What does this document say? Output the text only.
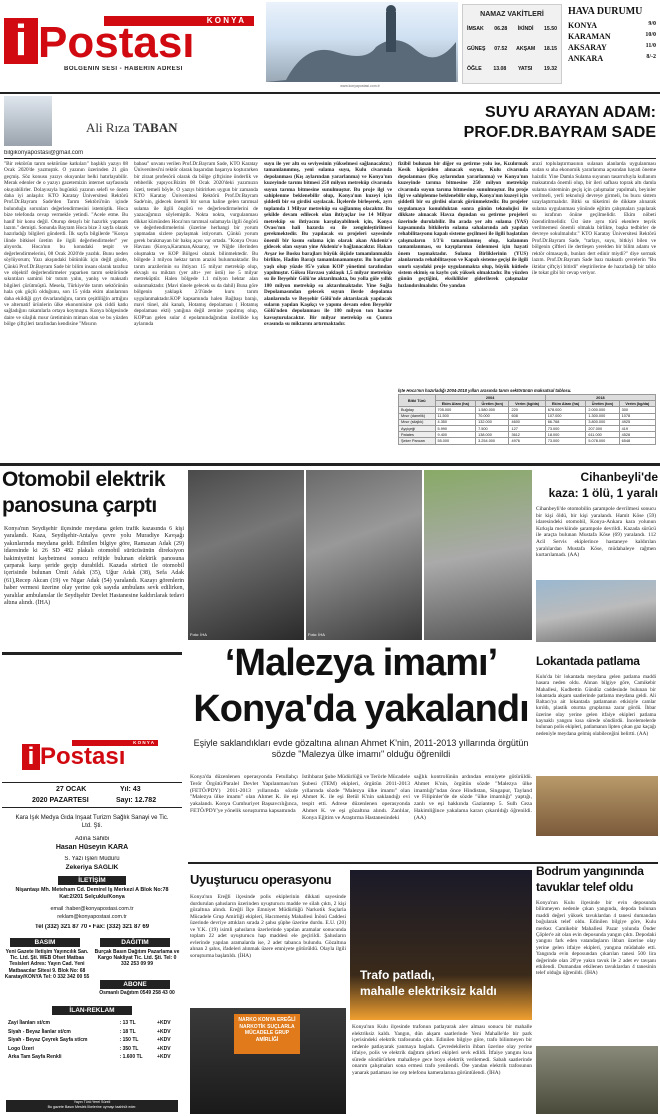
K O N Y A
i Postası
BÖLGENİN SESİ - HABERİN ADRESİ
www.konyapostasi.com.tr
NAMAZ VAKİTLERİ
İMSAK 06.28 İKİNDİ 15.50
GÜNEŞ 07.52 AKŞAM 18.15
ÖĞLE 13.08 YATSI 19.32
HAVA DURUMU
KONYA	9/0
KARAMAN	10/0
AKSARAY	11/0
ANKARA	8/-2
Ali Rıza TABAN
SUYU ARAYAN ADAM:
PROF.DR.BAYRAM SADE
bilgikonyapostasi@gmail.com
"Bir rektörün tarım sektörüne katkıları" başlıklı yazıyı 08 Ocak 2020'de yazmıştık. O yazının üzerinden 21 gün geçmiş. Söz konusu yazıyı okuyanlar belki hatırlayabilir. Merak edenler de o yazıyı gazetemizin internet sayfasında okuyabilirler. Dolayısıyla bugünkü yazının selefi ve önem daha iyi anlaşılır. KTO Karatay Üniversitesi Rektörü Prof.Dr.Bayram Sade'den Tarım Sektörü'nün içinde bulunduğu sorunları değerlendirmesini istemiştik. Hoca bize telefonda cevap vermekle yetindi. "Acele etme. Bu hanif bir konu değil. Oturup detaylı bir hazırlık yapmam lazım." demişti. Sonunda Bayram Hoca bize 3 sayfa olarak hazırladığı bilgileri gönderdi. İlk sayfa bilgilerde "Konya ilinde bitkisel üretim ile ilgili değerlendirmeler" yer alıyordu. Hoca'nın bu konudaki tespit ve değerlendirmelerini, 08 Ocak 2020'de yazdık. Bunu neden söylüyorum; Yazı akışındaki bütünlük için değil gözde, Çünkü Prof.Dr.Bayram Sade bir bilim insanı olarak tarafsız ve objektif değerlendirmeler yaparken tarım sektöründe sıkıntıları samimi bir tutum yalın, yanlış ve maksatlı bilgileri çürütmüştü. Mesela, Türkiye'de tarım sektörünün hala çok güçlü olduğunu, son 15 yılda ekim alanlarının daha ekildiği gıyt dıvarlandığını, tarım çeşitliliğin arttığını ve alternatif ürünlerin ülke ekonomisine çok ciddi katkı sağladığını rakamlarla ortaya koymuştu. Konya bölgesinde daire ve silajlık mısır üretiminin miman olan ve bu yüzden bölge çiftçileri tarafından kendisine "Mısırın
babası" unvanı verilen Prof.Dr.Bayram Sade, KTO Karatay Üniversitesi'ni rektör olarak başarıdan başarıya koşturarken bir ziraat profesörü olarak da bölge çiftçisine önderlik ve rehberlik yapıyor.Bizim 08 Ocak 2020'deki yazımızın özeti, temeli böyle. O yazıyı bitirirken uygun bir zamanda KTO Karatay Üniversitesi Rektörü Prof.Dr.Bayram Sade'nin, gidecek önemli bir sorun haline gelen tarımsal sulama ile ilgili öngörü ve değerlendirmelerini de yazacağımızı söylemiştik. Nokta nokta, vurgulanması dikkat kürsünden Hoca'nın tarımsal sulamayla ilgili öngörü ve değerlendirmelerini (üzerine herhangi bir yorum yapmadan sizlere paylaşmak istiyorum. Çünkü yorum gerek bırakmayan bir bakış açısı var ortada. "Konya Ovası Havzası (Konya,Karaman,Aksaray, ve Niğde illerinden oluşmakta ve KOP Bölgesi olarak bilinmektedir. Bu bölgede 3 milyon hektar tarım arazisi bulunmaktadır. Bu tarım arazilerinin su ihtiyacı 15 milyar metreküp olup, ekvaşlı su miktarı (yer altı+ yer üstü) ise 5 milyar metreküptür. Halen bölgede 1.1 milyon hektar alan sulanmaktadır. (Mavi tünele gelecek su da dahil) Buna göre bölgenin yaklaşık 2/3'ünde kuru tarım uygulanmaktadır.KOP kapsamında halen Bağbaşı barajı, mavi tünel, ahi kanalı, Hotamış depolaması ( Hotamış depolaması ekti) yatığına değil zemine yapılmış olup, KOP'tan gelen sular 4 epolamındağından özellikle kış aylarında
suyu ile yer altı su seviyesinin yükselmesi sağlanacaktır.) tamamlanınmış, yeni sulama suyu, Kulu civarında depolanması (Kış aylarından yararlanma) ve Konya'nın kuzeyinde tarımı bitmesi 250 milyon metreküp civarında suyun tarıma bitmesine sunulmuştur. Bu proje ilgi ve sahiplenme beklenebilir olup, Konya'nın kuzeyi için şiddetli bir su girdisi sayılacak. İlçelerde birleşerek, ayrı toplamda 1 Milyar metreküp su sağlanmış olacaktır. Bu şekilde devam edilecek olan ihtiyaçlar ise 14 Milyar metreküp su ihtiyacını karşılayabilmek için, Konya Ovası'nın hali hazırda su ile zenginleştirilmesi gerekmektedir. Bu yapılacak su projeleri sayesinde önemli bir kısmı sulama için olarak akan Akdeniz'e gidecek olan suyun yine Akdeniz'e bağlanacaktır. Hakan Avşar ise Bosku barajları büyük ölçüde tamamlanmakla birlikte, Hadim Barajı tamamlanamamıştır. Bu barajlar yaşlı olup yüzde 85'e yakın KOP yönetimi tarafından yapılmıştır. Göksu Havzası yaklaşık 1,5 milyar metreküp su ile Beyşehir Gölü'ne aktarılmakta, bu yolla göle yıllık 180 milyon metreküp su aktarılmaktadır. Yine Suğla Depolamasından gelecek suyun ilerde depolama alanlarında ve Beyşehir Gölü'nde aktarılacak yapılacak suların yapılan Kaşıkçı ve yapımı devam eden Beyşehir Gölü'nden depolanması ile 180 milyon ton hacme kavuşturulacaktır. Bir milyar metreküp su Çumra ovasında su miktarını artırmaktadır.
fizibil bulunan bir diğer su getirme yolu ise, Kızılırmak Kesik köprüden alınacak suyun, Kulu civarında depolanması (Kış aylarından yararlanma) ve Konya'nın kuzeyinde tarıma bitmesine 250 milyon metreküp civarında suyun tarıma bitmesine sunulmuştur. Bu proje ilgi ve sahiplenme beklenebilir olup, Konya'nın kuzeyi için şiddetli bir su girdisi olarak görünmektedir. Bu projeler uygulamaya konulduktan sonra günün teknolojisi ile dikkate alınacak Havza dışından su getirme projeleri üzerinde durulabilir. Bu arada yer altı sulama (YAS) kapsamında bitkilerin sulama sahalarında adı yapılan rehabilitasyonu kapalı sisteme geçilmesi ile ilgili başlatılan çalışmaların 1/3'ü tamamlanmış olup, kalanının tamamlanması, su kayıplarının önlenmesi için hayati önem taşımaktadır. Sulama Birliklerinin (YUS) alanlarında rehabilitasyon ve Kapalı sisteme geçişi ile ilgili sınırlı sayıdaki proje uygulanmakta olup, büyük kütlede sistem ekimiş su kaybı çok yüksek olmaktadır. Bu yüzden günün geçtiğini, eksiklikler giderilerek çalışmalar hızlandırılmalıdır. Öte yandan
arazi toplulaştırmasının sulanan alanlarda uygulanması sudan sı aha ekonomik yararlanma açısından hayati öneme haizdir. Yine Damla Sulama suyunun tasarrufuyla kullanım maksatında önemli olup, bir ileri safhası toprak altı damla sulama sisteminin geçiş için çalışmalar yapılmalı, beyinler verilmeli, yerli teknoloji devreye girmeli, bu bucu sistem uzaylaştırmalıdır. Bitki su tüketimi de dikkate alınarak sulama uygulanması yönünde eğitim çalışmaları yapılarak su israfının önüne geçilmelidir. Ekim nöbeti özendirilmelidir. Üst üste aynı türü ekenlere teşvik verilmemesi önemli olmakla birlikte, başka tedbirler de devreye sokulmalıdır." KTO Karatay Üniversitesi Rektörü Prof.Dr.Bayram Sade, "tarlayı, suyu, bitkiyi bilen ve bölgenin çiftleri ile dertleşen yerelden bir bilim adamı ve rektör olmasaydı, bunları dert edinir miydi?" diye sormak lazım. Prof.Dr.Bayram Sade bazı maksatlı çevrelerin "Bu iktidar çiftçiyi bitirdi" eleştirilerine de hazırladığı bir tablo ile tokat gibi bir cevap veriyor.
İşte Hoca'nın hazırladığı 2004-2018 yılları arasında tarım sektörünün maksatsal tablosu.
Bitki Türü	2004			2018		
	Ekim Alanı (ha)	Üretim (ton)	Verim (kg/da)	Ekim Alanı (ha)	Üretim (ton)	Verim (kg/da)
Buğday	705.000	1.580.000	220	678.000	2.000.000	300
Mısır (danelik)	11.500	70.000	608	107.000	1.300.000	1078
Mısır (silajlık)	4.350	132.000	4600	66.768	3.800.000	4925
Ayçiçeği	5.990	7.500	127	73.000	207.000	419
Patates	9.400	138.000	3612	18.000	611.000	4528
Şeker Pancarı	55.000	3.254.000	4976	73.000	5.078.000	6548
Otomobil elektrik
panosuna çarptı
Konya'nın Seydişehir ilçesinde meydana gelen trafik kazasında 6 kişi yaralandı. Kaza, Seydişehir-Antalya çevre yolu Muradiye Kavşağı yakınlarında meydana geldi. Edinilen bilgiye göre, Ramazan Adak (29) idaresinde ki 26 SD 482 plakalı otomobil sürücüsünün direksiyon hakimiyetini kaybetmesi sonucu refüjde bulunan elektrik panosuna çarparak karşı şeride geçip durabildi. Kazada sürücü ile otomobil içerisinde bulunan Ümit Adak (35), Uğur Adak (38), Sefa Adak (61),Recep Akcan (19) ve Nigar Adak (54) yaralandı. Kazayı görenlerin haber vermesi üzerine olay yerine çok sayıda ambulans sevk edilirken, yaralılar ambulanslar ile Seydişehir Devlet Hastanesine kaldırılarak tedavi altına alındı. (İHA)
Foto: İHA	Foto: İHA
Cihanbeyli'de
kaza: 1 ölü, 1 yaralı
Cihanbeyli'de otomobilin şarampole devrilmesi sonucu bir kişi öldü, bir kişi yaralandı. Hamit Köse (59) idaresindeki otomobil, Konya-Ankara kara yolunun Kırkışla mevkiinde şarampole devrildi. Kazada sürücü ile araçta bulunan Mustafa Köse (69) yaralandı. 112 Acil Servis ekiplerince hastaneye kaldırılan yaralılardan Mustafa Köse, müdahaleye rağmen kurtarılamadı. (AA)
‘Malezya imamı’
Konya'da yakalandı
Eşiyle saklandıkları evde gözaltına alınan Ahmet K'nin, 2011-2013 yıllarında örgütün sözde "Malezya ülke imamı" olduğu öğrenildi
Konya'da düzenlenen operasyonda Fetullahçı Terör Örgütü/Paralel Devlet Yapılanması'nın (FETÖ/PDY) 2011-2013 yıllarında sözde "Malezya ülke imamı" olan Ahmet K. ile eşi yakalandı. Konya Cumhuriyet Başsavcılığınca, FETÖ/PDY'ye yönelik soruşturma kapsamında
İstihbarat Şube Müdürlüğü ve Terörle Mücadele Şubesi (TEM) ekipleri, örgütün 2011-2013 yıllarında sözde "Malezya ülke imamı" olan Ahmet K. ile eşi Betül K'nin saklandığı evi tespit etti. Adrese düzenlenen operasyonda Ahmet K. ve eşi gözaltına alındı. Zanlılar, Konya Eğitim ve Araştırma Hastanesindeki
sağlık kontrolünün ardından emniyete götürüldü. Ahmet K'nin, örgütün sözde "Malezya ülke imamlığı"ndan önce Hindistan, Singapur, Tayland ve Filipinler'de de sözde "ülke imamlığı" yaptığı, zanlı ve eşi hakkında Gaziantep 5. Sulh Ceza Hakimliğince yakalama kararı çıkarıldığı öğrenildi. (AA)
Lokantada patlama
Kulu'da bir lokantada meydana gelen patlama maddi hasara neden oldu. Alınan bilgiye göre, Camikebir Mahallesi, Kudbettin Gündüz caddesinde bulunan bir lokantada akşam saatlerinde patlama meydana geldi. Ali Baltacı'ya ait lokantada patlamanın etkisiyle camlar kırıldı, plastik oturma gruplarına zarar gördü. İhbar üzerine olay yerine gelen itfaiye ekipleri patlama kaynaklı yangını kısa sürede söndürdü. İncelemelerde bulunan polis ekipleri, patlamanın lipten çıkan gaz kaçağı nedeniyle meydana gelmiş olabileceğini belirtti. (AA)
K O N Y A
i Postası
27 OCAK	Yıl: 43
2020 PAZARTESİ	Sayı: 12.782
Kara Işık Medya Gıda İnşaat Turizm Sağlık Sanayi ve Tic. Ltd. Şti.
Adına Sahibi
Hasan Hüseyin KARA
S. Yazı İşleri Müdürü
Zekeriya SAĞLIK
İLETİŞİM
Nişantaşı Mh. Meteham Cd. Demirel İş Merkezi A Blok No:78 Kat:2/201 Selçuklu/Konya
email :haber@konyapostasi.com.tr
reklam@konyapostasi.com.tr
Tel (332) 321 87 70 • Fax: (332) 321 87 69
BASIM	DAĞITIM
Yeni Gazete İletişim Yayıncılık San. Tic. Ltd. Şti. WEB Ofset Matbaa Tesisleri Adres: Yayın Cad. Yeni Matbaacılar Sitesi 9. Blok No: 68 Karatay/KONYA Tel: 0 332 342 00 55
Burçak Basın Dağıtım Pazarlama ve Kargo Nakliyat Tic. Ltd. Şti. Tel: 0 332 253 09 99
ABONE
Osmanlı Dağıtım 0549 258 43 00
İLAN-REKLAM
Zayi İlanları st/cm	: 13 TL	+KDV
Siyah - Beyaz İlanlar st/cm	: 18 TL	+KDV
Siyah - Beyaz Çeyrek Sayfa st/cm	: 150 TL	+KDV
Logo Üzeri	: 350 TL	+KDV
Arka Tam Sayfa Renkli	: 1.600 TL	+KDV
Yayın Türü:Yerel Süreli
Bu gazete Basın Meslek İlkelerine uymayı taahhüt eder.
Uyuşturucu operasyonu
Konya'nın Ereğli ilçesinde polis ekiplerinin dikkati sayesinde durdurulan şahısların üzerinden uyuşturucu madde ve silah çıktı, 2 kişi gözaltına alındı. Ereğli İlçe Emniyet Müdürlüğü Narkotik Suçlarla Mücadele Grup Amirliği ekipleri, Hacımemiş Mahallesi İnönü Caddesi üzerinde devriye attıkları sırada 2 şahsı şüphe üzerine durdu. E.U. (20) ve Y.K. (19) isimli şahısların üzerlerinde yapılan aramalar sonucunda toplam 22 adet uyuşturucu hap maddesi ele geçirildi. Şahısların evlerinde yapılan aramalarda ise, 2 adet tabanca bulundu. Gözaltına alınan 2 şahıs, ifadeleri alınmak üzere emniyete götürüldü. Olayla ilgili soruşturma başlatıldı. (İHA)
NARKO KONYA EREĞLİ NARKOTİK SUÇLARLA MÜCADELE GRUP AMİRLİĞİ
Trafo patladı,
mahalle elektriksiz kaldı
Konya'nın Kulu ilçesinde trafonun patlayarak alev alması sonucu bir mahalle elektriksiz kaldı. Yangın, dün akşam saatlerinde Yeni Mahalle'de bir park içerisindeki elektrik trafosunda çıktı. Edinilen bilgiye göre, trafo bilinmeyen bir nedenle patlayarak yanmaya başladı. Çevredekilerin ihbarı üzerine olay yerine itfaiye, polis ve elektrik dağıtım şirketi ekipleri sevk edildi. İtfaiye yangını kısa sürede söndürürken mahalleye gece boyu elektrik verilemedi. Sabah saatlerinde onarım çalışmaları sona ermesi trafo yenilendi. Öte yandan elektrik trafosunun yanarak patlaması ise cep telefonu kameralarına görüntülendi. (İHA)
Bodrum yangınında
tavuklar telef oldu
Konya'nın Kulu ilçesinde bir evin deposunda bilinmeyen nedenle çıkan yangında, depoda bulunan maddi değeri yüksek tavuklardan 4 tanesi dumandan boğularak telef oldu. Edinilen bilgiye göre, Kulu merkez Camikebir Mahallesi Pazar yolunda Önder Çöpler'e ait olan evin deposunda yangın çıktı. Depodaki yangını fark eden vatandaşların ihbarı üzerine olay yerine gelen itfaiye ekipleri, yangına müdahale etti. Yangında evin deposundan çıkarılan tanesi 500 lira değerinde olan 20'ye yakın tavuk ile 2 adet ev tavşanı etkilendi. Dumandan etkilenen tavuklardan 4 tanesinin telef olduğu öğrenildi. (İHA)
